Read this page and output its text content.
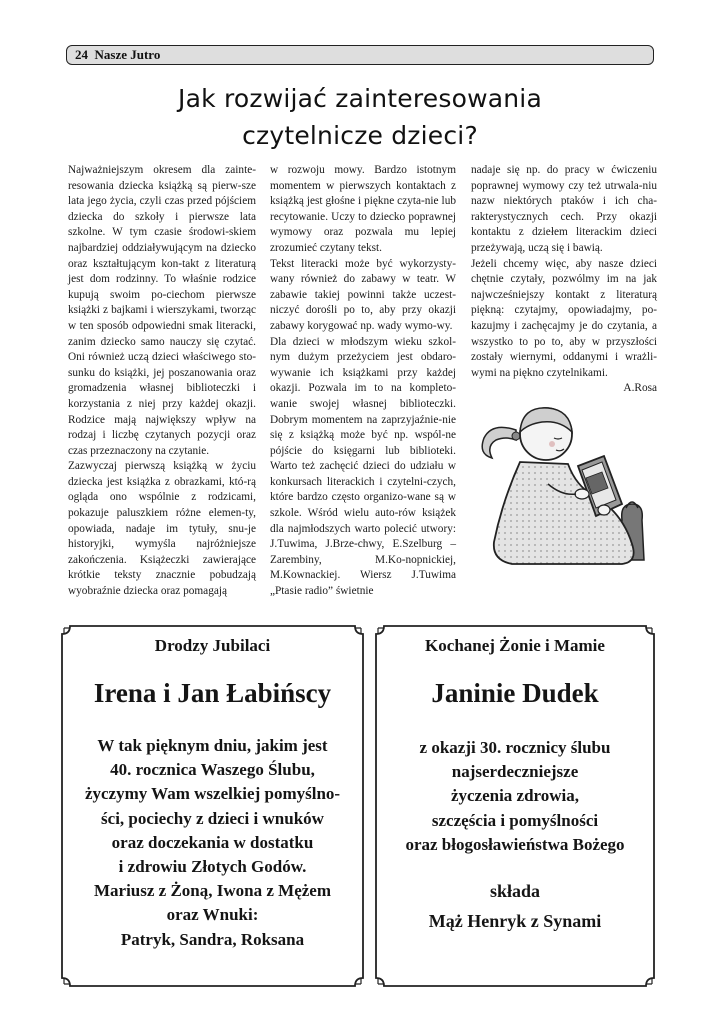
24 Nasze Jutro
Jak rozwijać zainteresowania
czytelnicze dzieci?

Najważniejszym okresem dla zainte-resowania dziecka książką są pierw-sze lata jego życia, czyli czas przed pójściem dziecka do szkoły i pierwsze lata szkolne. W tym czasie środowi-skiem najbardziej oddziaływującym na dziecko oraz kształtującym kon-takt z literaturą jest dom rodzinny. To właśnie rodzice kupują swoim po-ciechom pierwsze książki z bajkami i wierszykami, tworząc w ten sposób odpowiedni smak literacki, zanim dziecko samo nauczy się czytać. Oni również uczą dzieci właściwego sto-sunku do książki, jej poszanowania oraz gromadzenia własnej biblioteczki i korzystania z niej przy każdej okazji. Rodzice mają największy wpływ na rodzaj i liczbę czytanych pozycji oraz czas przeznaczony na czytanie.

Zazwyczaj pierwszą książką w życiu dziecka jest książka z obrazkami, któ-rą ogląda ono wspólnie z rodzicami, pokazuje paluszkiem różne elemen-ty, opowiada, nadaje im tytuły, snu-je historyjki, wymyśla najróżniejsze zakończenia. Książeczki zawierające krótkie teksty znacznie pobudzają wyobraźnie dziecka oraz pomagają

w rozwoju mowy. Bardzo istotnym momentem w pierwszych kontaktach z książką jest głośne i piękne czyta-nie lub recytowanie. Uczy to dziecko poprawnej wymowy oraz pozwala mu lepiej zrozumieć czytany tekst.

Tekst literacki może być wykorzysty-wany również do zabawy w teatr. W zabawie takiej powinni także uczest-niczyć dorośli po to, aby przy okazji zabawy korygować np. wady wymo-wy.

Dla dzieci w młodszym wieku szkol-nym dużym przeżyciem jest obdaro-wywanie ich książkami przy każdej okazji. Pozwala im to na kompleto-wanie swojej własnej biblioteczki. Dobrym momentem na zaprzyjaźnie-nie się z książką może być np. wspól-ne pójście do księgarni lub biblioteki. Warto też zachęcić dzieci do udziału w konkursach literackich i czytelni-czych, które bardzo często organizo-wane są w szkole. Wśród wielu auto-rów książek dla najmłodszych warto polecić utwory: J.Tuwima, J.Brze-chwy, E.Szelburg – Zarembiny, M.Ko-nopnickiej, M.Kownackiej. Wiersz J.Tuwima „Ptasie radio” świetnie

nadaje się np. do pracy w ćwiczeniu poprawnej wymowy czy też utrwala-niu nazw niektórych ptaków i ich cha-rakterystycznych cech. Przy okazji kontaktu z dziełem literackim dzieci przeżywają, uczą się i bawią.

Jeżeli chcemy więc, aby nasze dzieci chętnie czytały, pozwólmy im na jak najwcześniejszy kontakt z literaturą piękną: czytajmy, opowiadajmy, po-kazujmy i zachęcajmy je do czytania, a wszystko to po to, aby w przyszłości zostały wiernymi, oddanymi i wrażli-wymi na piękno czytelnikami.

A.Rosa

Drodzy Jubilaci
Irena i Jan Łabińscy
W tak pięknym dniu, jakim jest
40. rocznica Waszego Ślubu,
życzymy Wam wszelkiej pomyślno-
ści, pociechy z dzieci i wnuków
oraz doczekania w dostatku
i zdrowiu Złotych Godów.
Mariusz z Żoną, Iwona z Mężem
oraz Wnuki:
Patryk, Sandra, Roksana
Kochanej Żonie i Mamie
Janinie Dudek
z okazji 30. rocznicy ślubu
najserdeczniejsze
życzenia zdrowia,
szczęścia i pomyślności
oraz błogosławieństwa Bożego
składa
Mąż Henryk z Synami
